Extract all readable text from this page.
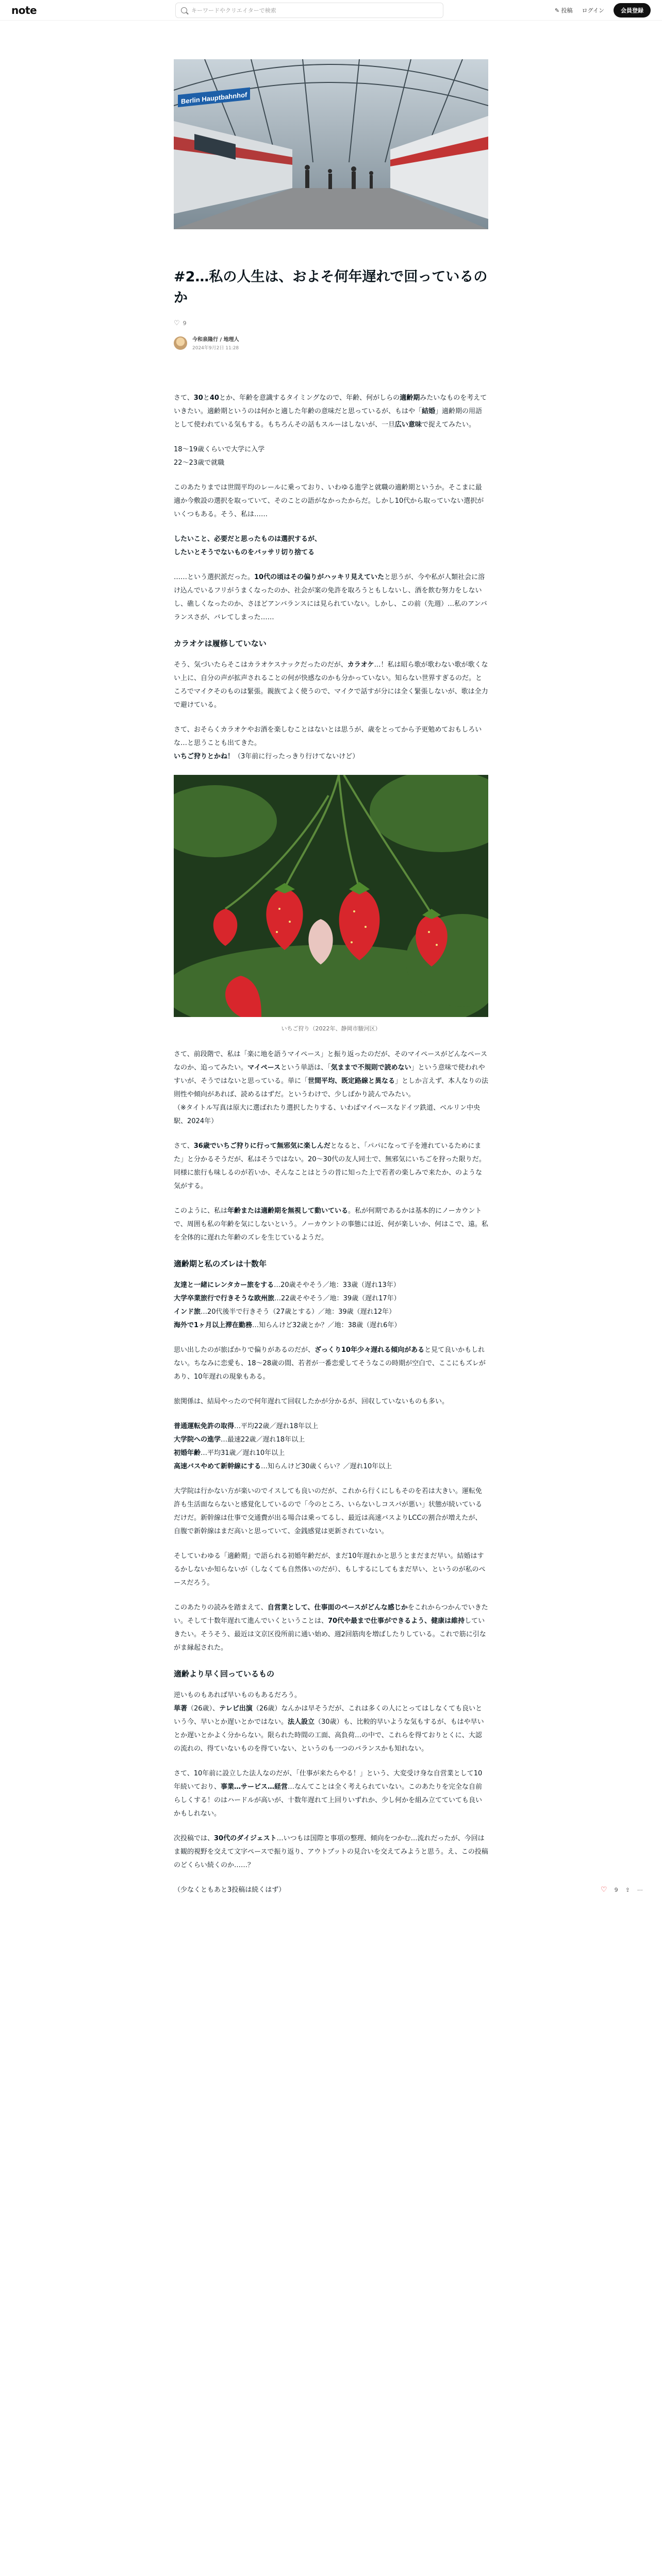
note	キーワードやクリエイターで検索
✎	投稿 ログイン	会員登録
Berlin Hauptbahnhof
#2…私の人生は、およそ何年遅れで回っているのか
♡ 9
今和泉隆行 / 地理人
2024年9月2日 11:28

さて、30と40とか、年齢を意識するタイミングなので、年齢、何がしらの適齢期みたいなものを考えていきたい。適齢期というのは何かと適した年齢の意味だと思っているが、もはや「結婚」適齢期の用語として使われている気もする。もちろんその話もスルーはしないが、一旦広い意味で捉えてみたい。

18〜19歳くらいで大学に入学

22〜23歳で就職

このあたりまでは世間平均のレールに乗っており、いわゆる進学と就職の適齢期というか。そこまに最適か今敷設の選択を取っていて、そのことの語がなかったからだ。しかし10代から取っていない選択がいくつもある。そう、私は……

したいこと、必要だと思ったものは選択するが、
したいとそうでないものをバッサリ切り捨てる

……という選択派だった。10代の頃はその偏りがハッキリ見えていたと思うが、今や私が人類社会に溶け込んでいるフリがうまくなったのか、社会が案の免許を取ろうともしないし、酒を飲む努力をしないし、礁しくなったのか、さほどアンバランスには見られていない。しかし、この前（先週）…私のアンバランスさが、バレてしまった……

カラオケは履修していない

そう、気づいたらそこはカラオケスナックだったのだが、カラオケ…！私は昭ら歌が歌わない歌が歌くない上に、自分の声が拡声されることの何が快感なのかも分かっていない。知らない世界すぎるのだ。ところでマイクそのものは緊張。親族てよく使うので、マイクで話すが分には全く緊張しないが、歌は全力で避けている。

さて、おそらくカラオケやお酒を楽しむことはないとは思うが、歳をとってから予更勉めておもしろい な…と思うことも出てきた。
いちご狩りとかね！（3年前に行ったっきり行けてないけど）

いちご狩り（2022年、静岡市駿河区）

さて、前段階で、私は「楽に地を語うマイペース」と振り返ったのだが、そのマイペースがどんなペースなのか、追ってみたい。マイペースという単語は、「気ままで不規則で読めない」という意味で使われやすいが、そうではないと思っている。単に「世間平均、既定路線と異なる」としか言えず、本人なりの法則性や傾向があれば、読めるはずだ。というわけで、少しばかり読んでみたい。
（※タイトル写真は原大に選ばれたり選択したりする、いわばマイペースなドイツ鉄道、ベルリン中央駅、2024年）

さて、36歳でいちご狩りに行って無邪気に楽しんだとなると、「パパになって子を連れているためにまた」と分かるそうだが、私はそうではない。20〜30代の友人同士で、無邪気にいちごを狩った限りだ。同様に旅行も味しるのが若いか、そんなことはとうの昔に知った上で若者の楽しみで来たか、のような気がする。

このように、私は年齢または適齢期を無視して動いている。私が何期であるかは基本的にノーカウントで、周囲も私の年齢を気にしないという。ノーカウントの事態には近、何が楽しいか、何はこで、遠。私を全体的に遅れた年齢のズレを生じているようだ。

適齢期と私のズレは十数年

友達と一緒にレンタカー旅をする…20歳そやそう／地：33歳（遅れ13年）

大学卒業旅行で行きそうな欧州旅…22歳そやそう／地：39歳（遅れ17年）

インド旅…20代後半で行きそう（27歳とする）／地：39歳（遅れ12年）

海外で1ヶ月以上滞在勤務…知らんけど32歳とか？／地：38歳（遅れ6年）

思い出したのが旅ばかりで偏りがあるのだが、ざっくり10年少々遅れる傾向があると見て良いかもしれない。ちなみに恋愛も、18〜28歳の間、若者が一番恋愛してそうなこの時期が空白で、ここにもズレがあり、10年遅れの現象もある。

旅関係は、結局やったので何年遅れて回収したかが分かるが、回収していないものも多い。

普通運転免許の取得…平均22歳／遅れ18年以上

大学院への進学…最速22歳／遅れ18年以上

初婚年齢…平均31歳／遅れ10年以上

高速バスやめて新幹線にする…知らんけど30歳くらい？／遅れ10年以上

大学院は行かない方が楽いのでイスしても良いのだが、これから行くにしもそのを若は大きい。運転免許も生活面ならないと感覚化しているので「今のところ、いらないしコスパが悪い」状態が続いているだけだ。新幹線は仕事で交通費が出る場合は乗ってるし、最近は高速バスよりLCCの割合が増えたが、自腹で新幹線はまだ高いと思っていて、金銭感覚は更新されていない。

そしていわゆる「適齢期」で語られる初婚年齢だが、まだ10年遅れかと思うとまだまだ早い。結婚はするかしないか知らないが（しなくても自然体いのだが）、もしするにしてもまだ早い、というのが私のペースだろう。

このあたりの読みを踏まえて、自営業として、仕事面のペースがどんな感じかをこれからつかんでいきたい。そして十数年遅れて進んでいくということは、70代や最まで仕事ができるよう、健康は維持していきたい。そうそう、最近は文京区役所前に通い始め、週2回筋肉を増ばしたりしている。これで筋に引ながま縁起された。

適齢より早く回っているもの

逆いものもあれば早いものもあるだろう。

単著（26歳）、テレビ出演（26歳）なんかは早そうだが、これは多くの人にとってはしなくても良いという今、早いとか遅いとかではない。法人設立（30歳）も、比較的早いような気もするが、もはや早いとか遅いとかよく分からない。限られた時間の工面、高負荷…の中で、これらを得ておりとくに、大認の流れの、得ていないものを得ていない、というのも一つのバランスかも知れない。

さて、10年前に設立した法人なのだが、「仕事が来たらやる！」という、大変受け身な自営業として10年続いており、事業…サービス…経営…なんてことは全く考えられていない。このあたりを完全な自前らしくする！のはハードルが高いが、十数年遅れて上回りいずれか、少し何かを組み立てていても良いかもしれない。

次投稿では、30代のダイジェスト…いつもは国際と事項の整理、傾向をつかむ…流れだったが、今回はま観的視野を交えて文字ペースで振り返り、アウトプットの見合いを交えてみようと思う。え、この投稿のどくらい続くのか……？

（少なくともあと3投稿は続くはず）	♡ 9 ⇪ ⋯
